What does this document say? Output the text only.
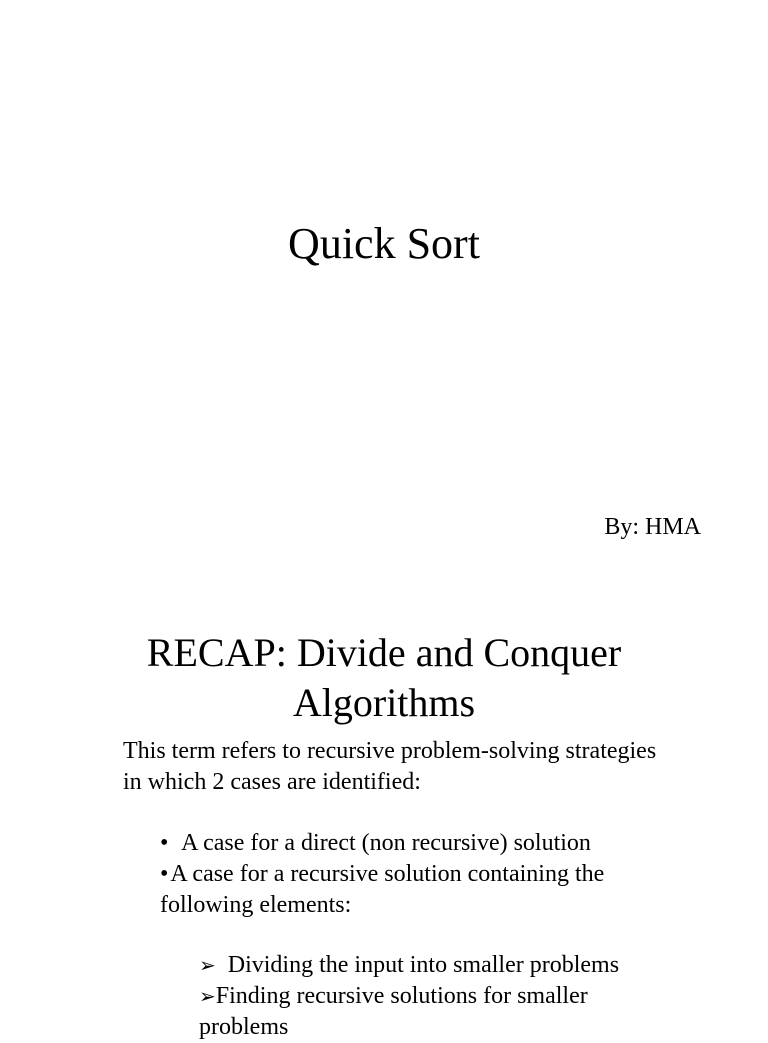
Quick Sort
By: HMA
RECAP: Divide and Conquer
Algorithms

This term refers to recursive problem-solving strategies
in which 2 cases are identified:

• A case for a direct (non recursive) solution
•A case for a recursive solution containing the
following elements:
➢ Dividing the input into smaller problems
➢Finding recursive solutions for smaller
problems
